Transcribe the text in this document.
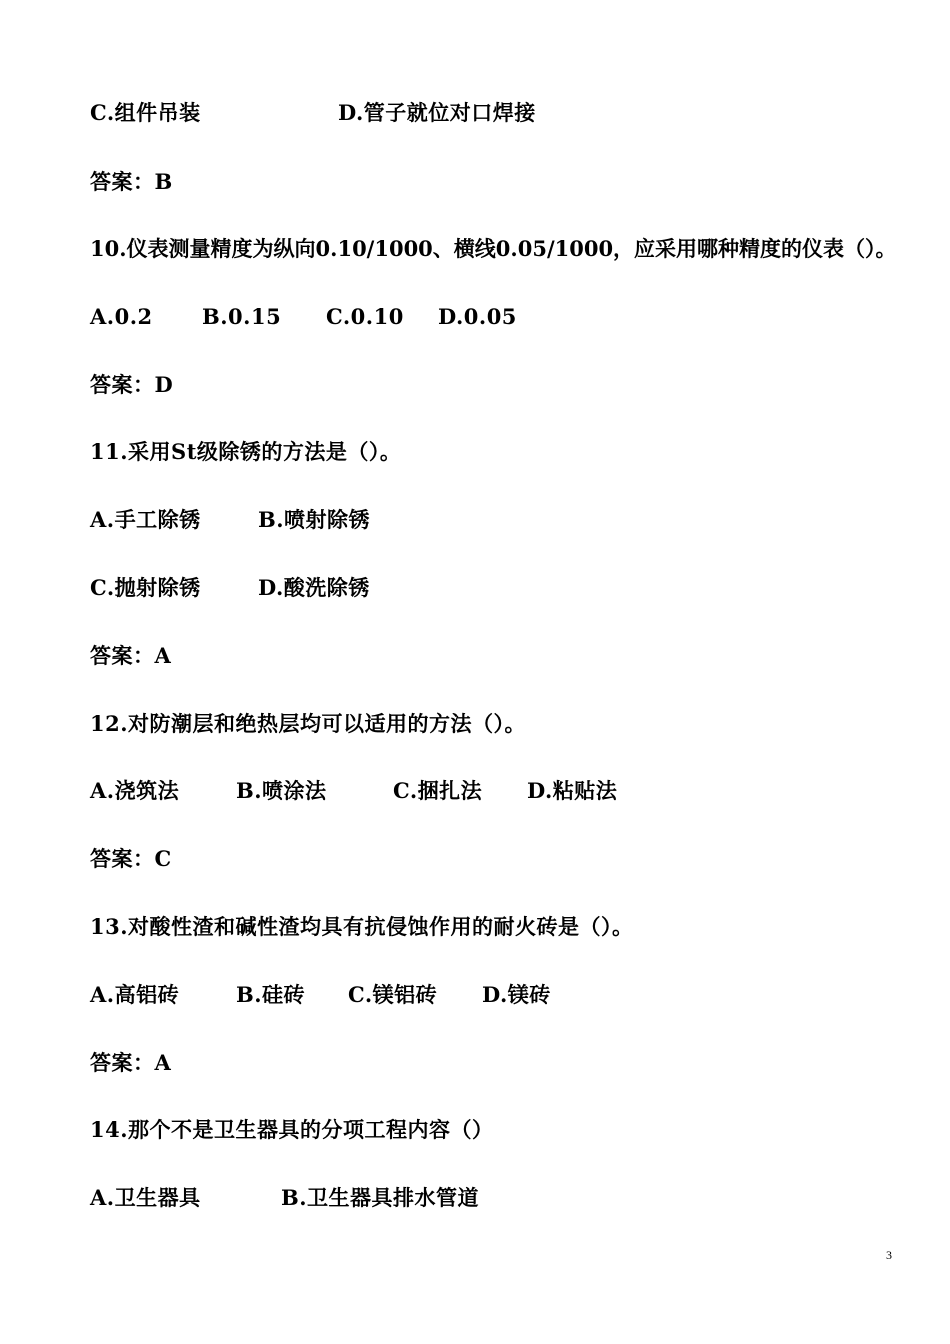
C.组件吊装	D.管子就位对口焊接
答案：B
10.仪表测量精度为纵向0.10/1000、横线0.05/1000，应采用哪种精度的仪表（）。
A.0.2 B.0.15 C.0.10 D.0.05
答案：D
11.采用St级除锈的方法是（）。
A.手工除锈	B.喷射除锈
C.抛射除锈	D.酸洗除锈
答案：A
12.对防潮层和绝热层均可以适用的方法（）。
A.浇筑法	B.喷涂法	C.捆扎法 D.粘贴法
答案：C
13.对酸性渣和碱性渣均具有抗侵蚀作用的耐火砖是（）。
A.高铝砖	B.硅砖 C.镁铝砖 D.镁砖
答案：A
14.那个不是卫生器具的分项工程内容（）
A.卫生器具	B.卫生器具排水管道
3
